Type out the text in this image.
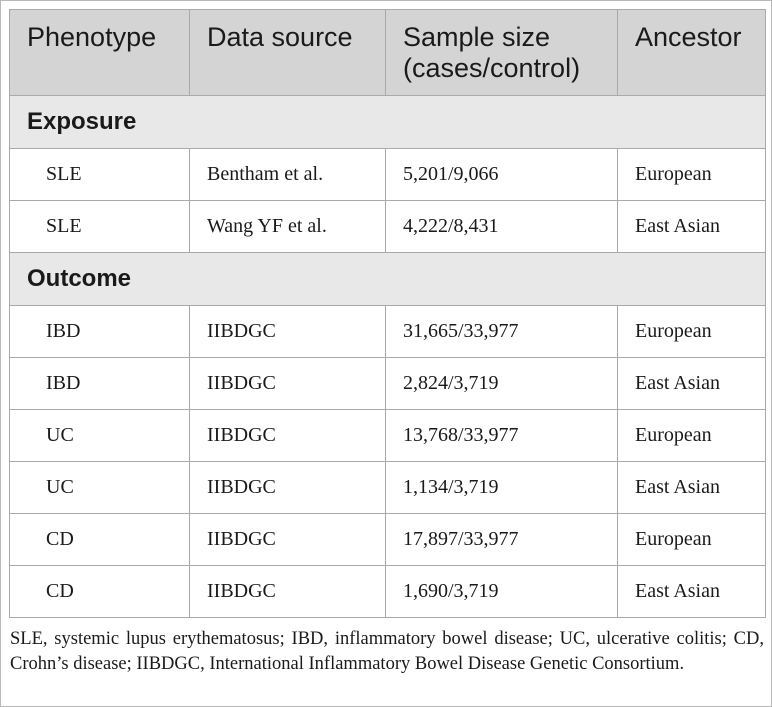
Phenotype	Data source	Sample size (cases/control)	Ancestor
Exposure			
SLE	Bentham et al.	5,201/9,066	European
SLE	Wang YF et al.	4,222/8,431	East Asian
Outcome			
IBD	IIBDGC	31,665/33,977	European
IBD	IIBDGC	2,824/3,719	East Asian
UC	IIBDGC	13,768/33,977	European
UC	IIBDGC	1,134/3,719	East Asian
CD	IIBDGC	17,897/33,977	European
CD	IIBDGC	1,690/3,719	East Asian
SLE, systemic lupus erythematosus; IBD, inflammatory bowel disease; UC, ulcerative colitis; CD, Crohn’s disease; IIBDGC, International Inflammatory Bowel Disease Genetic Consortium.
